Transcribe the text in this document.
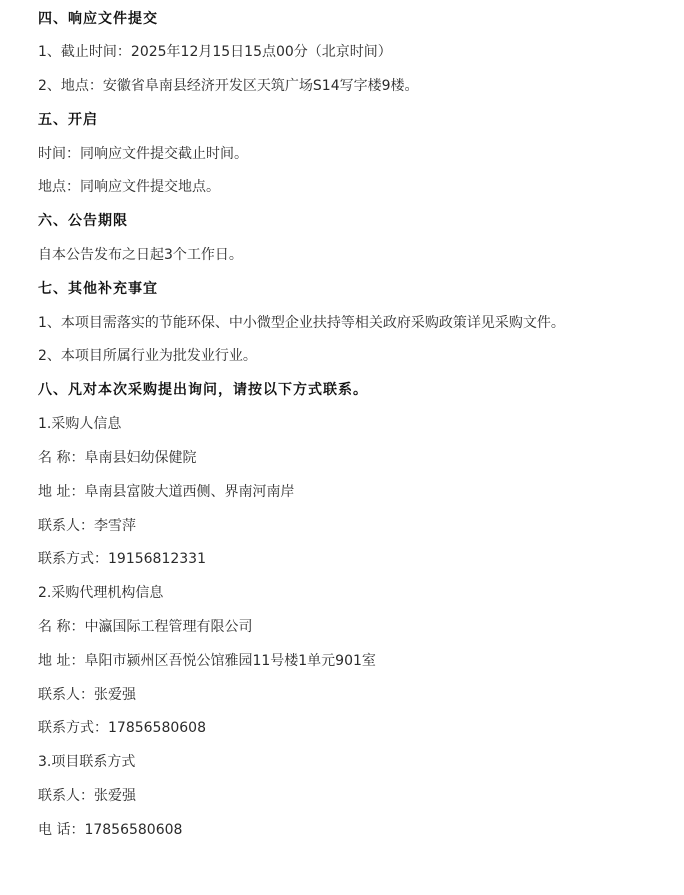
四、响应文件提交
1、截止时间：2025年12月15日15点00分（北京时间）
2、地点：安徽省阜南县经济开发区天筑广场S14写字楼9楼。
五、开启
时间：同响应文件提交截止时间。
地点：同响应文件提交地点。
六、公告期限
自本公告发布之日起3个工作日。
七、其他补充事宜
1、本项目需落实的节能环保、中小微型企业扶持等相关政府采购政策详见采购文件。
2、本项目所属行业为批发业行业。
八、凡对本次采购提出询问，请按以下方式联系。
1.采购人信息
名 称：阜南县妇幼保健院
地 址：阜南县富陂大道西侧、界南河南岸
联系人：李雪萍
联系方式：19156812331
2.采购代理机构信息
名 称：中瀛国际工程管理有限公司
地 址：阜阳市颍州区吾悦公馆雅园11号楼1单元901室
联系人：张爱强
联系方式：17856580608
3.项目联系方式
联系人：张爱强
电 话：17856580608
